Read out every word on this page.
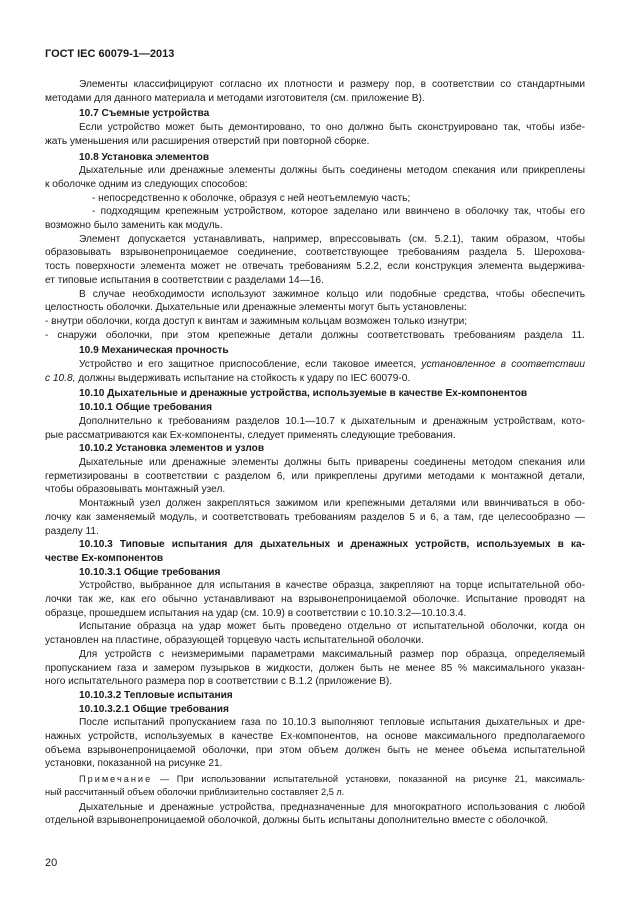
ГОСТ IEC 60079-1—2013

Элементы классифицируют согласно их плотности и размеру пор, в соответствии со стандартными

методами для данного материала и методами изготовителя (см. приложение В).

10.7 Съемные устройства

Если устройство может быть демонтировано, то оно должно быть сконструировано так, чтобы избе-

жать уменьшения или расширения отверстий при повторной сборке.

10.8 Установка элементов

Дыхательные или дренажные элементы должны быть соединены методом спекания или прикреплены

к оболочке одним из следующих способов:

- непосредственно к оболочке, образуя с ней неотъемлемую часть;

- подходящим крепежным устройством, которое заделано или ввинчено в оболочку так, чтобы его

возможно было заменить как модуль.

Элемент допускается устанавливать, например, впрессовывать (см. 5.2.1), таким образом, чтобы

образовывать взрывонепроницаемое соединение, соответствующее требованиям раздела 5. Шерохова-

тость поверхности элемента может не отвечать требованиям 5.2.2, если конструкция элемента выдержива-

ет типовые испытания в соответствии с разделами 14—16.

В случае необходимости используют зажимное кольцо или подобные средства, чтобы обеспечить

целостность оболочки. Дыхательные или дренажные элементы могут быть установлены:

- внутри оболочки, когда доступ к винтам и зажимным кольцам возможен только изнутри;

- снаружи оболочки, при этом крепежные детали должны соответствовать требованиям раздела 11.

10.9 Механическая прочность

Устройство и его защитное приспособление, если таковое имеется, установленное в соответствии

с 10.8, должны выдерживать испытание на стойкость к удару по IEC 60079-0.

10.10 Дыхательные и дренажные устройства, используемые в качестве Ex-компонентов

10.10.1 Общие требования

Дополнительно к требованиям разделов 10.1—10.7 к дыхательным и дренажным устройствам, кото-

рые рассматриваются как Ex-компоненты, следует применять следующие требования.

10.10.2 Установка элементов и узлов

Дыхательные или дренажные элементы должны быть приварены соединены методом спекания или

герметизированы в соответствии с разделом 6, или прикреплены другими методами к монтажной детали,

чтобы образовывать монтажный узел.

Монтажный узел должен закрепляться зажимом или крепежными деталями или ввинчиваться в обо-

лочку как заменяемый модуль, и соответствовать требованиям разделов 5 и 6, а там, где целесообразно —

разделу 11.

10.10.3 Типовые испытания для дыхательных и дренажных устройств, используемых в ка-

честве Ex-компонентов

10.10.3.1 Общие требования

Устройство, выбранное для испытания в качестве образца, закрепляют на торце испытательной обо-

лочки так же, как его обычно устанавливают на взрывонепроницаемой оболочке. Испытание проводят на

образце, прошедшем испытания на удар (см. 10.9) в соответствии с 10.10.3.2—10.10.3.4.

Испытание образца на удар может быть проведено отдельно от испытательной оболочки, когда он

установлен на пластине, образующей торцевую часть испытательной оболочки.

Для устройств с неизмеримыми параметрами максимальный размер пор образца, определяемый

пропусканием газа и замером пузырьков в жидкости, должен быть не менее 85 % максимального указан-

ного испытательного размера пор в соответствии с В.1.2 (приложение В).

10.10.3.2 Тепловые испытания

10.10.3.2.1 Общие требования

После испытаний пропусканием газа по 10.10.3 выполняют тепловые испытания дыхательных и дре-

нажных устройств, используемых в качестве Ex-компонентов, на основе максимального предполагаемого

объема взрывонепроницаемой оболочки, при этом объем должен быть не менее объема испытательной

установки, показанной на рисунке 21.

Примечание — При использовании испытательной установки, показанной на рисунке 21, максималь-

ный рассчитанный объем оболочки приблизительно составляет 2,5 л.

Дыхательные и дренажные устройства, предназначенные для многократного использования с любой

отдельной взрывонепроницаемой оболочкой, должны быть испытаны дополнительно вместе с оболочкой.

20
